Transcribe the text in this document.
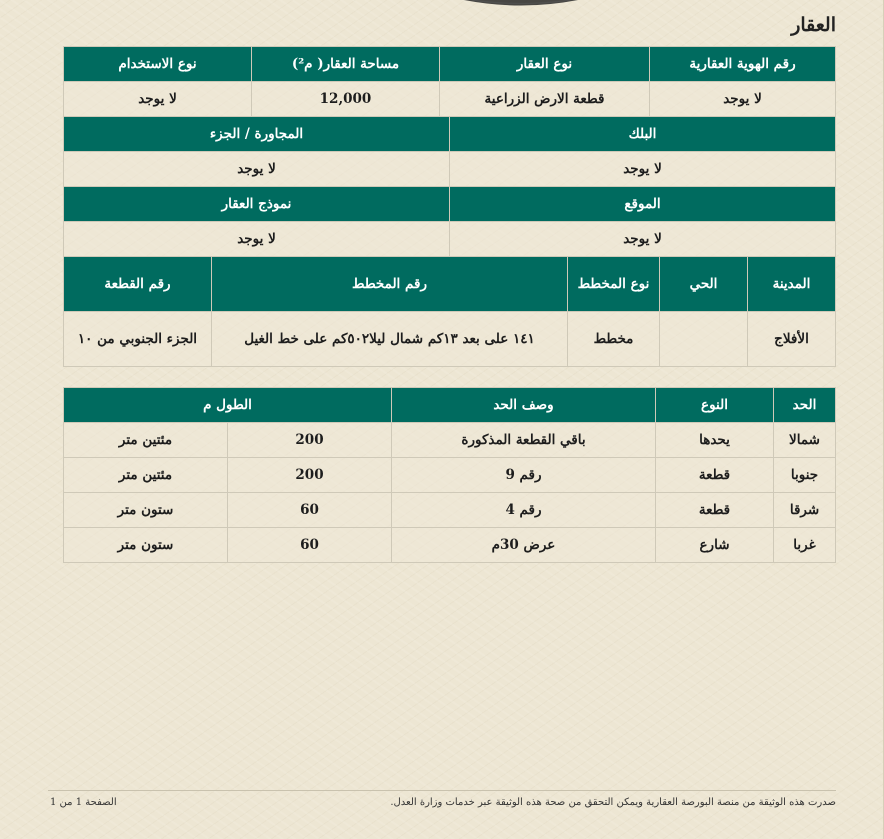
العقار
رقم الهوية العقارية	نوع العقار	مساحة العقار( م²)	نوع الاستخدام
لا يوجد	قطعة الارض الزراعية	12,000	لا يوجد
البلك	المجاورة / الجزء
لا يوجد	لا يوجد
الموقع	نموذج العقار
لا يوجد	لا يوجد
المدينة	الحي	نوع المخطط	رقم المخطط	رقم القطعة
الأفلاج		مخطط	١٤١ على بعد ١٣كم شمال ليلا٥٠٢كم على خط الغيل	الجزء الجنوبي من ١٠
الحد	النوع	وصف الحد	الطول م	
شمالا	يحدها	باقي القطعة المذكورة	200	مئتين متر
جنوبا	قطعة	رقم 9	200	مئتين متر
شرقا	قطعة	رقم 4	60	ستون متر
غربا	شارع	عرض 30م	60	ستون متر
صدرت هذه الوثيقة من منصة البورصة العقارية ويمكن التحقق من صحة هذه الوثيقة عبر خدمات وزارة العدل.
الصفحة 1 من 1
